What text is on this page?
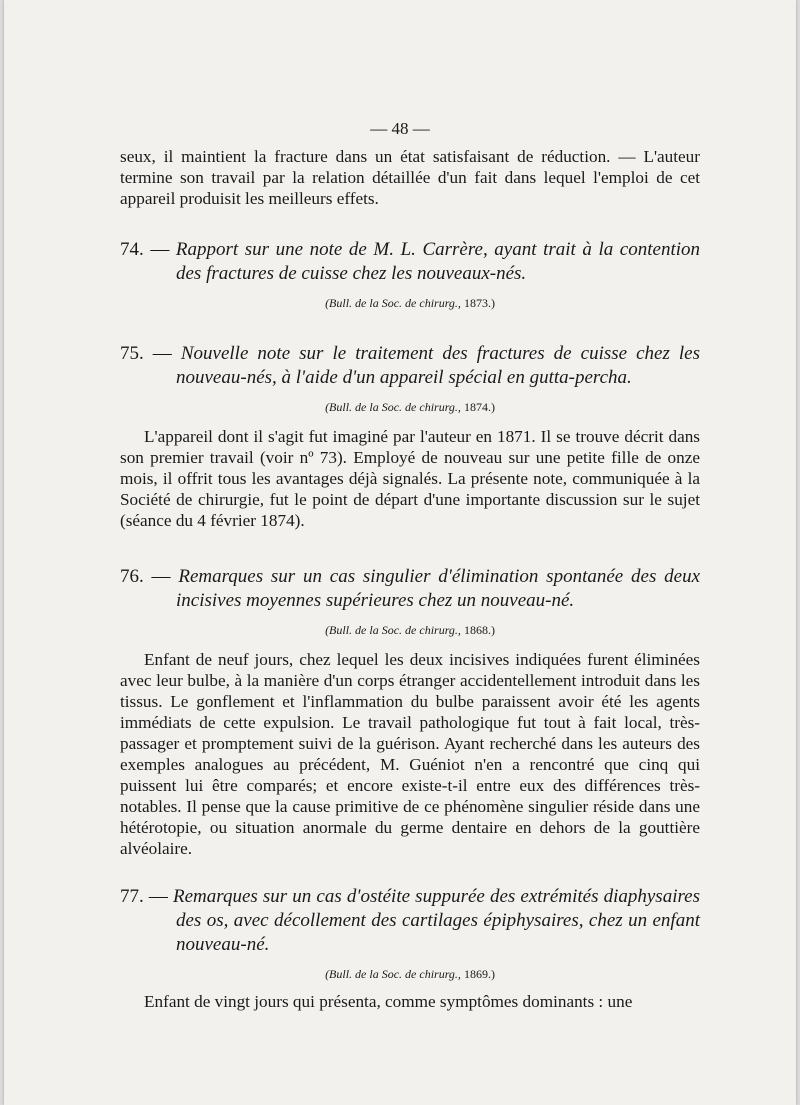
— 48 —
seux, il maintient la fracture dans un état satisfaisant de réduction. — L'auteur termine son travail par la relation détaillée d'un fait dans lequel l'emploi de cet appareil produisit les meilleurs effets.
74. — Rapport sur une note de M. L. Carrère, ayant trait à la contention des fractures de cuisse chez les nouveaux-nés.
(Bull. de la Soc. de chirurg., 1873.)
75. — Nouvelle note sur le traitement des fractures de cuisse chez les nouveau-nés, à l'aide d'un appareil spécial en gutta-percha.
(Bull. de la Soc. de chirurg., 1874.)
L'appareil dont il s'agit fut imaginé par l'auteur en 1871. Il se trouve décrit dans son premier travail (voir nº 73). Employé de nouveau sur une petite fille de onze mois, il offrit tous les avantages déjà signalés. La présente note, communiquée à la Société de chirurgie, fut le point de départ d'une importante discussion sur le sujet (séance du 4 février 1874).
76. — Remarques sur un cas singulier d'élimination spontanée des deux incisives moyennes supérieures chez un nouveau-né.
(Bull. de la Soc. de chirurg., 1868.)
Enfant de neuf jours, chez lequel les deux incisives indiquées furent éliminées avec leur bulbe, à la manière d'un corps étranger accidentellement introduit dans les tissus. Le gonflement et l'inflammation du bulbe paraissent avoir été les agents immédiats de cette expulsion. Le travail pathologique fut tout à fait local, très-passager et promptement suivi de la guérison. Ayant recherché dans les auteurs des exemples analogues au précédent, M. Guéniot n'en a rencontré que cinq qui puissent lui être comparés; et encore existe-t-il entre eux des différences très-notables. Il pense que la cause primitive de ce phénomène singulier réside dans une hétérotopie, ou situation anormale du germe dentaire en dehors de la gouttière alvéolaire.
77. — Remarques sur un cas d'ostéite suppurée des extrémités diaphysaires des os, avec décollement des cartilages épiphysaires, chez un enfant nouveau-né.
(Bull. de la Soc. de chirurg., 1869.)
Enfant de vingt jours qui présenta, comme symptômes dominants : une
